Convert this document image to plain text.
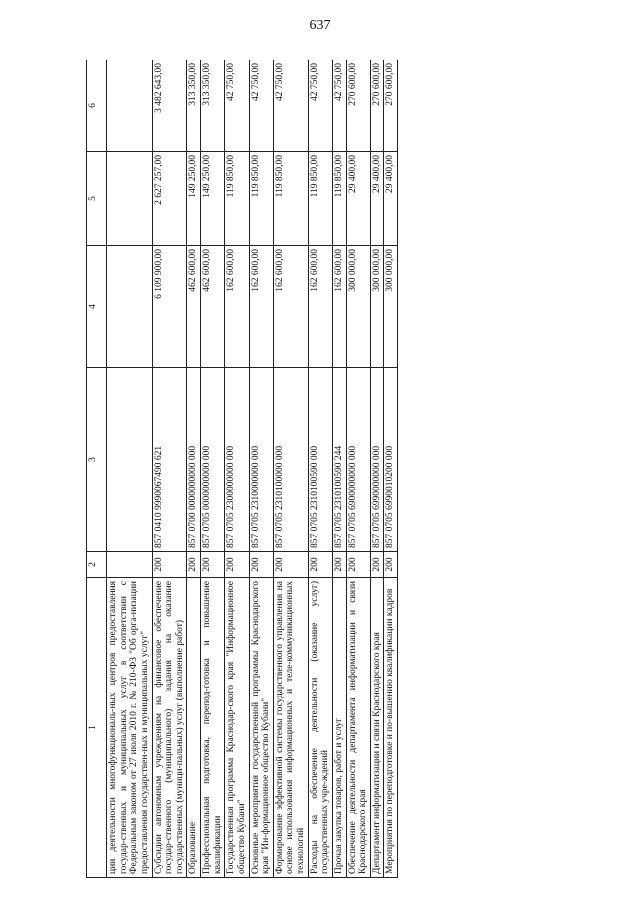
637
1	2	3	4	5	6
ции деятельности многофункциональ-ных центров предоставления государ-ственных и муниципальных услуг в соответствии с Федеральным законом от 27 июля 2010 г. № 210-ФЗ "Об орга-низации предоставления государствен-ных и муниципальных услуг"					
Субсидии автономным учреждениям на финансовое обеспечение государ-ственного (муниципального) задания на оказание государственных (муници-пальных) услуг (выполнение работ)	200	857 0410 9990067490 621	6 109 900,00	2 627 257,00	3 482 643,00
Образование	200	857 0700 0000000000 000	462 600,00	149 250,00	313 350,00
Профессиональная подготовка, перепод-готовка и повышение квалификации	200	857 0705 0000000000 000	462 600,00	149 250,00	313 350,00
Государственная программа Краснодар-ского края "Информационное общество Кубани"	200	857 0705 2300000000 000	162 600,00	119 850,00	42 750,00
Основные мероприятия государственной программы Краснодарского края "Ин-формационное общество Кубани"	200	857 0705 2310000000 000	162 600,00	119 850,00	42 750,00
Формирование эффективной системы государственного управления на основе использования информационных и теле-коммуникационных технологий	200	857 0705 2310100000 000	162 600,00	119 850,00	42 750,00
Расходы на обеспечение деятельности (оказание услуг) государственных учре-ждений	200	857 0705 2310100590 000	162 600,00	119 850,00	42 750,00
Прочая закупка товаров, работ и услуг	200	857 0705 2310100590 244	162 600,00	119 850,00	42 750,00
Обеспечение деятельности департамента информатизации и связи Краснодарского края	200	857 0705 6900000000 000	300 000,00	29 400,00	270 600,00
Департамент информатизации и связи Краснодарского края	200	857 0705 6990000000 000	300 000,00	29 400,00	270 600,00
Мероприятия по переподготовке и по-вышению квалификации кадров	200	857 0705 6990010200 000	300 000,00	29 400,00	270 600,00
